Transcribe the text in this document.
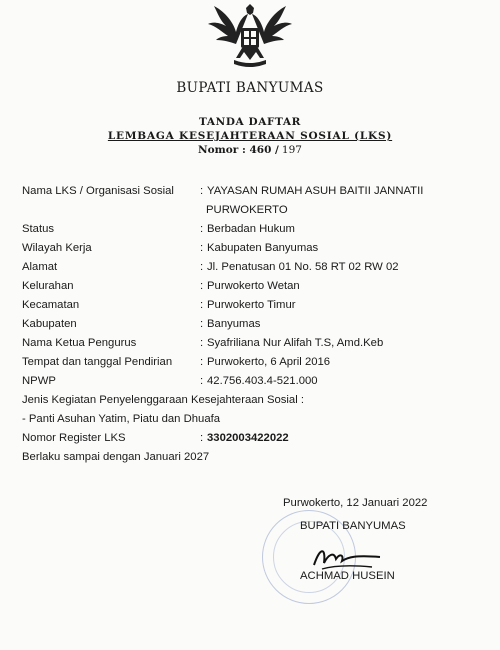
BUPATI BANYUMAS
TANDA DAFTAR
LEMBAGA KESEJAHTERAAN SOSIAL (LKS)
Nomor : 460 / 197
Nama LKS / Organisasi Sosial : YAYASAN RUMAH ASUH BAITII JANNATII
PURWOKERTO
Status	: Berbadan Hukum
Wilayah Kerja	: Kabupaten Banyumas
Alamat	: Jl. Penatusan 01 No. 58 RT 02 RW 02
Kelurahan	: Purwokerto Wetan
Kecamatan	: Purwokerto Timur
Kabupaten	: Banyumas
Nama Ketua Pengurus	: Syafriliana Nur Alifah T.S, Amd.Keb
Tempat dan tanggal Pendirian : Purwokerto, 6 April 2016
NPWP	: 42.756.403.4-521.000
Jenis Kegiatan Penyelenggaraan Kesejahteraan Sosial :
- Panti Asuhan Yatim, Piatu dan Dhuafa
Nomor Register LKS	: 3302003422022
Berlaku sampai dengan Januari 2027
Purwokerto, 12 Januari 2022
BUPATI BANYUMAS
ACHMAD HUSEIN
